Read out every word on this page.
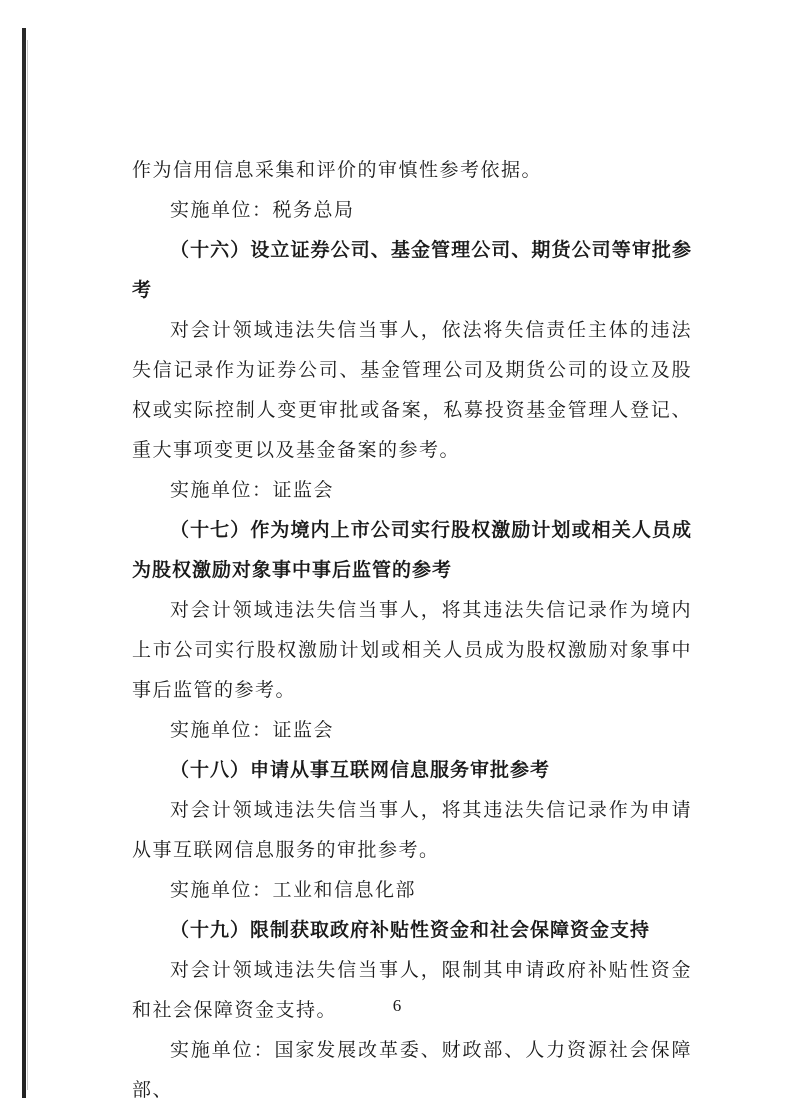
作为信用信息采集和评价的审慎性参考依据。

实施单位：税务总局

（十六）设立证券公司、基金管理公司、期货公司等审批参考

对会计领域违法失信当事人，依法将失信责任主体的违法失信记录作为证券公司、基金管理公司及期货公司的设立及股权或实际控制人变更审批或备案，私募投资基金管理人登记、重大事项变更以及基金备案的参考。

实施单位：证监会

（十七）作为境内上市公司实行股权激励计划或相关人员成为股权激励对象事中事后监管的参考

对会计领域违法失信当事人，将其违法失信记录作为境内上市公司实行股权激励计划或相关人员成为股权激励对象事中事后监管的参考。

实施单位：证监会

（十八）申请从事互联网信息服务审批参考

对会计领域违法失信当事人，将其违法失信记录作为申请从事互联网信息服务的审批参考。

实施单位：工业和信息化部

（十九）限制获取政府补贴性资金和社会保障资金支持

对会计领域违法失信当事人，限制其申请政府补贴性资金和社会保障资金支持。

实施单位：国家发展改革委、财政部、人力资源社会保障部、

6
